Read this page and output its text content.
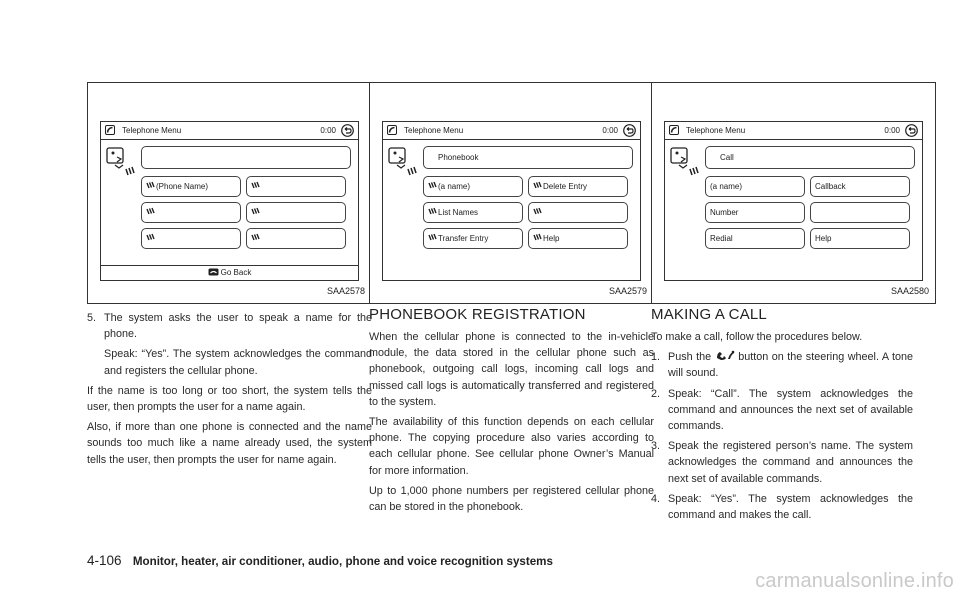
Telephone Menu	0:00
(Phone Name)
Go Back
SAA2578
Telephone Menu	0:00
Phonebook
(a name)	Delete Entry
List Names
Transfer Entry	Help
SAA2579
Telephone Menu	0:00
Call
(a name)	Callback
Number
Redial	Help
SAA2580
5. The system asks the user to speak a name for the phone.

Speak: “Yes”. The system acknowledges the command and registers the cellular phone.

If the name is too long or too short, the system tells the user, then prompts the user for a name again.

Also, if more than one phone is connected and the name sounds too much like a name already used, the system tells the user, then prompts the user for name again.

PHONEBOOK REGISTRATION

When the cellular phone is connected to the in-vehicle module, the data stored in the cellular phone such as phonebook, outgoing call logs, incoming call logs and missed call logs is automatically transferred and registered to the system.

The availability of this function depends on each cellular phone. The copying procedure also varies according to each cellular phone. See cellular phone Owner’s Manual for more information.

Up to 1,000 phone numbers per registered cellular phone can be stored in the phonebook.

MAKING A CALL

To make a call, follow the procedures below.

1. Push the	button on the steering wheel. A tone will sound.
2. Speak: “Call”. The system acknowledges the command and announces the next set of available commands.
3. Speak the registered person’s name. The system acknowledges the command and announces the next set of available commands.
4. Speak: “Yes”. The system acknowledges the command and makes the call.
4-106 Monitor, heater, air conditioner, audio, phone and voice recognition systems
carmanualsonline.info
